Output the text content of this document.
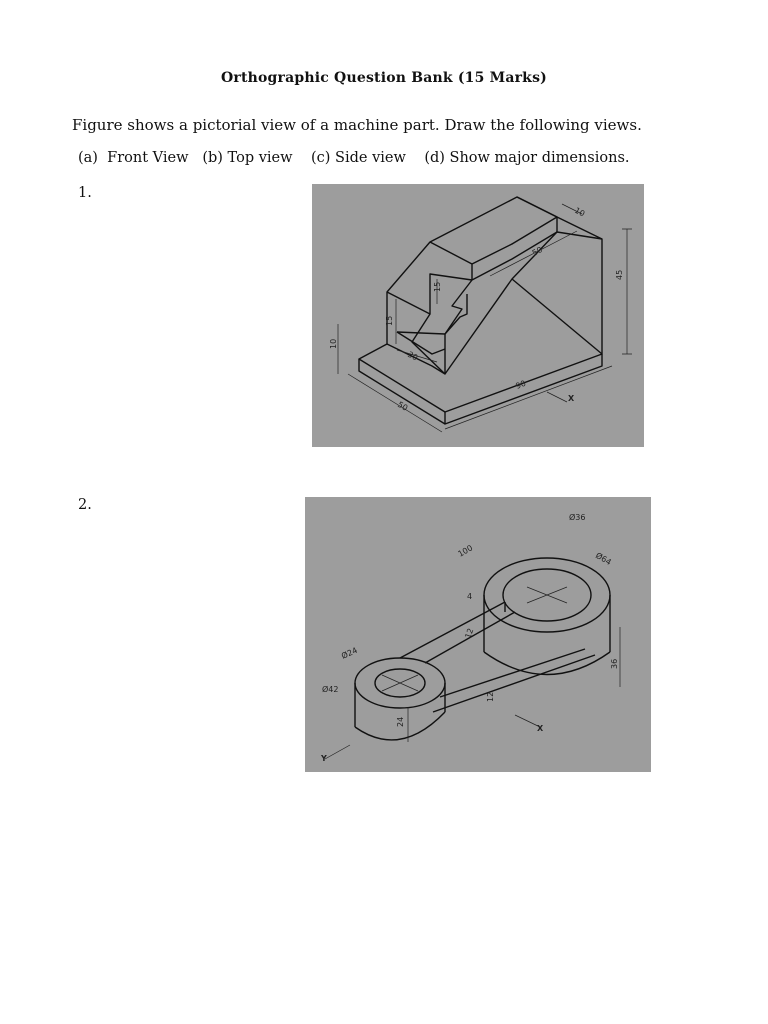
Orthographic Question Bank (15 Marks)
Figure shows a pictorial view of a machine part. Draw the following views.
(a)  Front View   (b) Top view    (c) Side view    (d) Show major dimensions.
1.
10
50
15
15
30
10
50
90
45
X
2.
Ø36
Ø64
100
Ø24
Ø42
24
36
12
4
12
X
Y
